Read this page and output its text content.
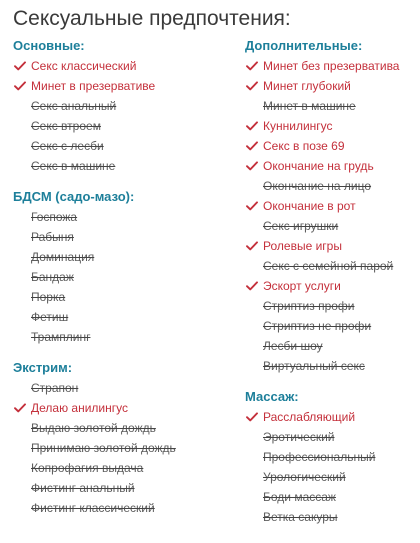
Сексуальные предпочтения:
Основные:
Секс классический
Минет в презервативе
Секс анальный
Секс втроем
Секс с лесби
Секс в машине
БДСМ (садо-мазо):
Госпожа
Рабыня
Доминация
Бандаж
Порка
Фетиш
Трамплинг
Экстрим:
Страпон
Делаю анилингус
Выдаю золотой дождь
Принимаю золотой дождь
Копрофагия выдача
Фистинг анальный
Фистинг классический
Дополнительные:
Минет без презерватива
Минет глубокий
Минет в машине
Куннилингус
Секс в позе 69
Окончание на грудь
Окончание на лицо
Окончание в рот
Секс игрушки
Ролевые игры
Секс с семейной парой
Эскорт услуги
Стриптиз профи
Стриптиз не профи
Лесби шоу
Виртуальный секс
Массаж:
Расслабляющий
Эротический
Профессиональный
Урологический
Боди массаж
Ветка сакуры
